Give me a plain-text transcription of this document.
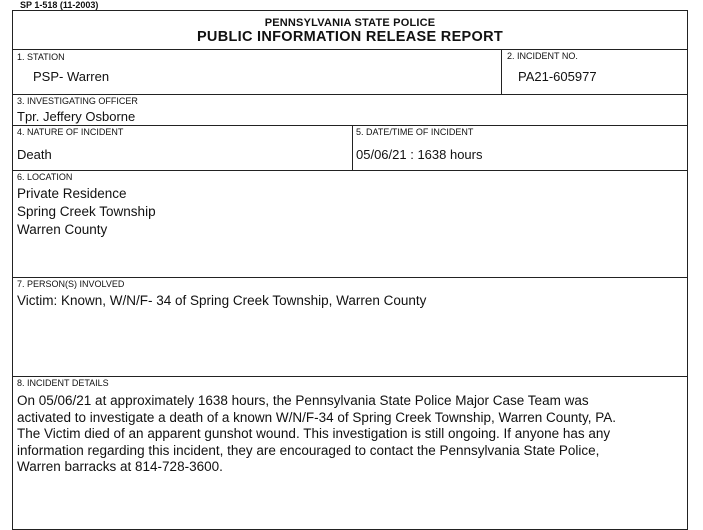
SP 1-518 (11-2003)
PENNSYLVANIA STATE POLICE
PUBLIC INFORMATION RELEASE REPORT
1. STATION
PSP- Warren
2. INCIDENT NO.
PA21-605977
3. INVESTIGATING OFFICER
Tpr. Jeffery Osborne
4. NATURE OF INCIDENT
Death
5. DATE/TIME OF INCIDENT
05/06/21 : 1638 hours
6. LOCATION
Private Residence
Spring Creek Township
Warren County
7. PERSON(S) INVOLVED
Victim: Known, W/N/F- 34 of Spring Creek Township, Warren County
8. INCIDENT DETAILS
On 05/06/21 at approximately 1638 hours, the Pennsylvania State Police Major Case Team was
activated to investigate a death of a known W/N/F-34 of Spring Creek Township, Warren County, PA.
The Victim died of an apparent gunshot wound. This investigation is still ongoing. If anyone has any
information regarding this incident, they are encouraged to contact the Pennsylvania State Police,
Warren barracks at 814-728-3600.
